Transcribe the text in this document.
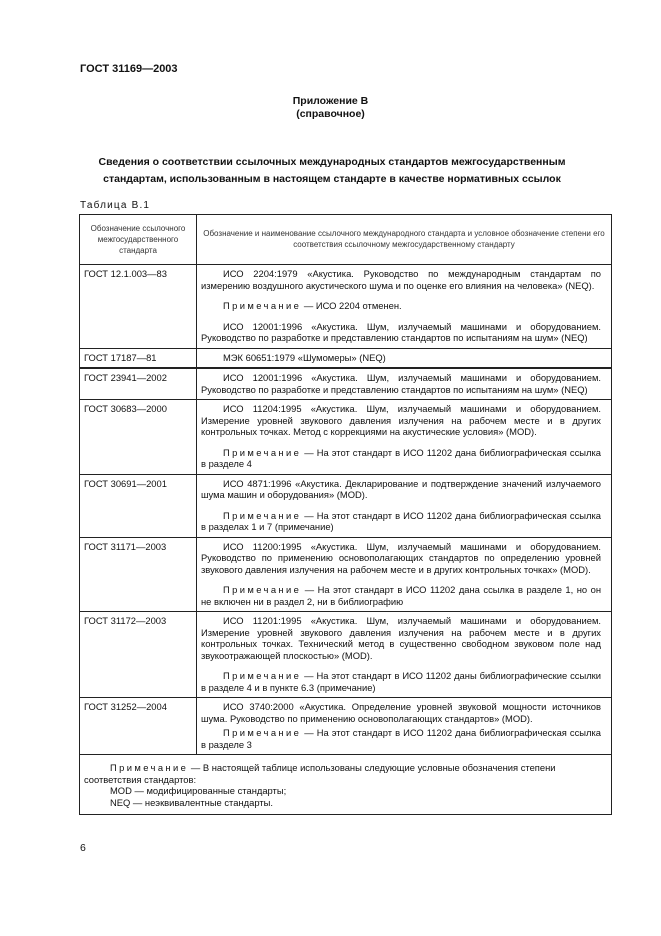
ГОСТ 31169—2003
Приложение В
(справочное)
Сведения о соответствии ссылочных международных стандартов межгосударственным
стандартам, использованным в настоящем стандарте в качестве нормативных ссылок
Таблица В.1
Обозначение ссылочного межгосударственного стандарта	Обозначение и наименование ссылочного международного стандарта и условное обозначение степени его соответствия ссылочному межгосударственному стандарту
ГОСТ 12.1.003—83	ИСО 2204:1979 «Акустика. Руководство по международным стандартам по измерению воздушного акустического шума и по оценке его влияния на человека» (NEQ).

Примечание — ИСО 2204 отменен.

ИСО 12001:1996 «Акустика. Шум, излучаемый машинами и оборудованием. Руководство по разработке и представлению стандартов по испытаниям на шум» (NEQ)

ГОСТ 17187—81	МЭК 60651:1979 «Шумомеры» (NEQ)

ГОСТ 23941—2002	ИСО 12001:1996 «Акустика. Шум, излучаемый машинами и оборудованием. Руководство по разработке и представлению стандартов по испытаниям на шум» (NEQ)

ГОСТ 30683—2000	ИСО 11204:1995 «Акустика. Шум, излучаемый машинами и оборудованием. Измерение уровней звукового давления излучения на рабочем месте и в других контрольных точках. Метод с коррекциями на акустические условия» (MOD).

Примечание — На этот стандарт в ИСО 11202 дана библиографическая ссылка в разделе 4

ГОСТ 30691—2001	ИСО 4871:1996 «Акустика. Декларирование и подтверждение значений излучаемого шума машин и оборудования» (MOD).

Примечание — На этот стандарт в ИСО 11202 дана библиографическая ссылка в разделах 1 и 7 (примечание)

ГОСТ 31171—2003	ИСО 11200:1995 «Акустика. Шум, излучаемый машинами и оборудованием. Руководство по применению основополагающих стандартов по определению уровней звукового давления излучения на рабочем месте и в других контрольных точках» (MOD).

Примечание — На этот стандарт в ИСО 11202 дана ссылка в разделе 1, но он не включен ни в раздел 2, ни в библиографию

ГОСТ 31172—2003	ИСО 11201:1995 «Акустика. Шум, излучаемый машинами и оборудованием. Измерение уровней звукового давления излучения на рабочем месте и в других контрольных точках. Технический метод в существенно свободном звуковом поле над звукоотражающей плоскостью» (MOD).

Примечание — На этот стандарт в ИСО 11202 даны библиографические ссылки в разделе 4 и в пункте 6.3 (примечание)

ГОСТ 31252—2004	ИСО 3740:2000 «Акустика. Определение уровней звуковой мощности источников шума. Руководство по применению основополагающих стандартов» (MOD).

Примечание — На этот стандарт в ИСО 11202 дана библиографическая ссылка в разделе 3

Примечание — В настоящей таблице использованы следующие условные обозначения степени соответствия стандартов:

MOD — модифицированные стандарты;

NEQ — неэквивалентные стандарты.	

6
